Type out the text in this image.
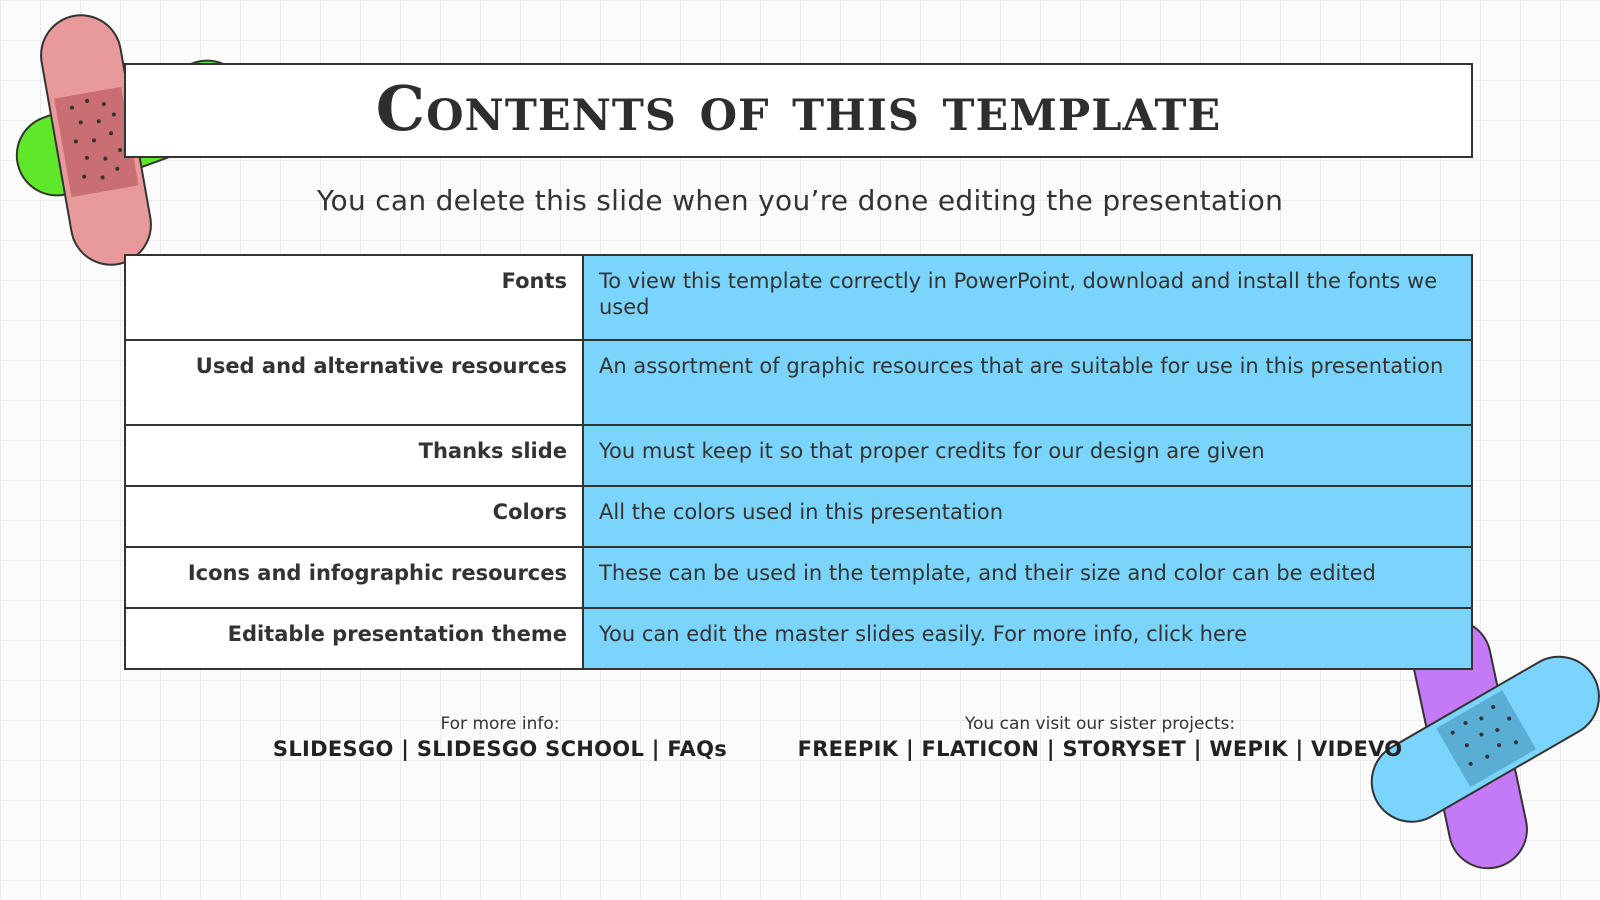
Contents of this template
You can delete this slide when you’re done editing the presentation
Fonts	To view this template correctly in PowerPoint, download and install the fonts we used
Used and alternative resources	An assortment of graphic resources that are suitable for use in this presentation
Thanks slide	You must keep it so that proper credits for our design are given
Colors	All the colors used in this presentation
Icons and infographic resources	These can be used in the template, and their size and color can be edited
Editable presentation theme	You can edit the master slides easily. For more info, click here
For more info:
SLIDESGO | SLIDESGO SCHOOL | FAQs
You can visit our sister projects:
FREEPIK | FLATICON | STORYSET | WEPIK | VIDEVO
